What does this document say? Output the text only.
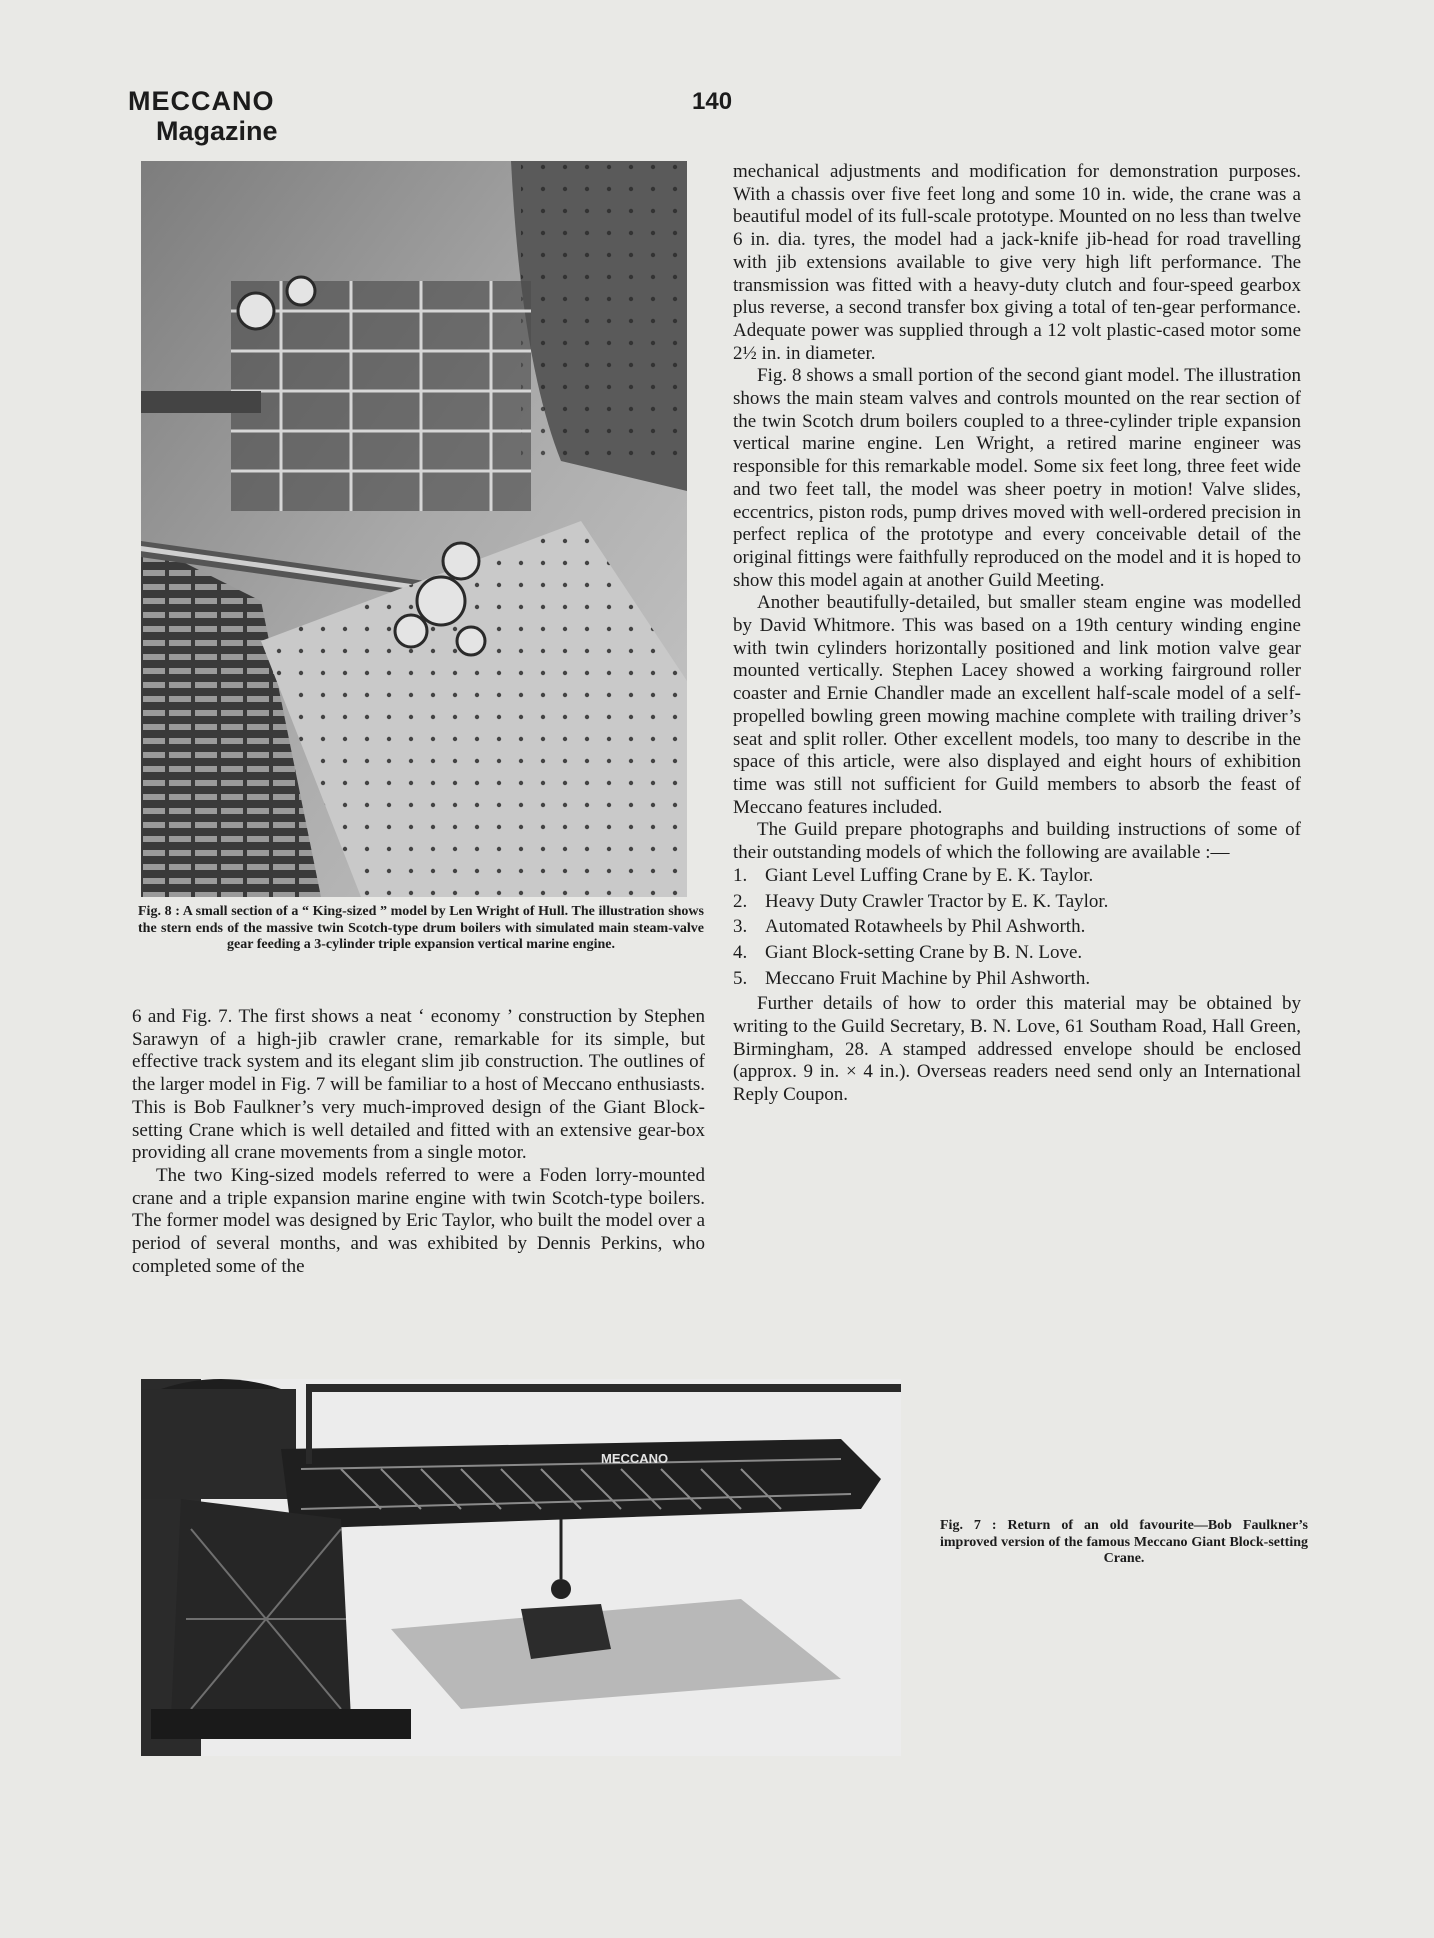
MECCANO
Magazine
140
Fig. 8 : A small section of a “ King-sized ” model by Len Wright of Hull. The illustration shows the stern ends of the massive twin Scotch-type drum boilers with simulated main steam-valve gear feeding a 3-cylinder triple expansion vertical marine engine.

6 and Fig. 7. The first shows a neat ‘ economy ’ construction by Stephen Sarawyn of a high-jib crawler crane, remarkable for its simple, but effective track system and its elegant slim jib construction. The outlines of the larger model in Fig. 7 will be familiar to a host of Meccano enthusiasts. This is Bob Faulkner’s very much-improved design of the Giant Block-setting Crane which is well detailed and fitted with an extensive gear-box providing all crane movements from a single motor.

The two King-sized models referred to were a Foden lorry-mounted crane and a triple expansion marine engine with twin Scotch-type boilers. The former model was designed by Eric Taylor, who built the model over a period of several months, and was exhibited by Dennis Perkins, who completed some of the

mechanical adjustments and modification for demonstration purposes. With a chassis over five feet long and some 10 in. wide, the crane was a beautiful model of its full-scale prototype. Mounted on no less than twelve 6 in. dia. tyres, the model had a jack-knife jib-head for road travelling with jib extensions available to give very high lift performance. The transmission was fitted with a heavy-duty clutch and four-speed gearbox plus reverse, a second transfer box giving a total of ten-gear performance. Adequate power was supplied through a 12 volt plastic-cased motor some 2½ in. in diameter.

Fig. 8 shows a small portion of the second giant model. The illustration shows the main steam valves and controls mounted on the rear section of the twin Scotch drum boilers coupled to a three-cylinder triple expansion vertical marine engine. Len Wright, a retired marine engineer was responsible for this remarkable model. Some six feet long, three feet wide and two feet tall, the model was sheer poetry in motion! Valve slides, eccentrics, piston rods, pump drives moved with well-ordered precision in perfect replica of the prototype and every conceivable detail of the original fittings were faithfully reproduced on the model and it is hoped to show this model again at another Guild Meeting.

Another beautifully-detailed, but smaller steam engine was modelled by David Whitmore. This was based on a 19th century winding engine with twin cylinders horizontally positioned and link motion valve gear mounted vertically. Stephen Lacey showed a working fairground roller coaster and Ernie Chandler made an excellent half-scale model of a self-propelled bowling green mowing machine complete with trailing driver’s seat and split roller. Other excellent models, too many to describe in the space of this article, were also displayed and eight hours of exhibition time was still not sufficient for Guild members to absorb the feast of Meccano features included.

The Guild prepare photographs and building instructions of some of their outstanding models of which the following are available :—

1. Giant Level Luffing Crane by E. K. Taylor.
2. Heavy Duty Crawler Tractor by E. K. Taylor.
3. Automated Rotawheels by Phil Ashworth.
4. Giant Block-setting Crane by B. N. Love.
5. Meccano Fruit Machine by Phil Ashworth.

Further details of how to order this material may be obtained by writing to the Guild Secretary, B. N. Love, 61 Southam Road, Hall Green, Birmingham, 28. A stamped addressed envelope should be enclosed (approx. 9 in. × 4 in.). Overseas readers need send only an International Reply Coupon.

MECCANO
Fig. 7 : Return of an old favourite—Bob Faulkner’s improved version of the famous Meccano Giant Block-setting Crane.
